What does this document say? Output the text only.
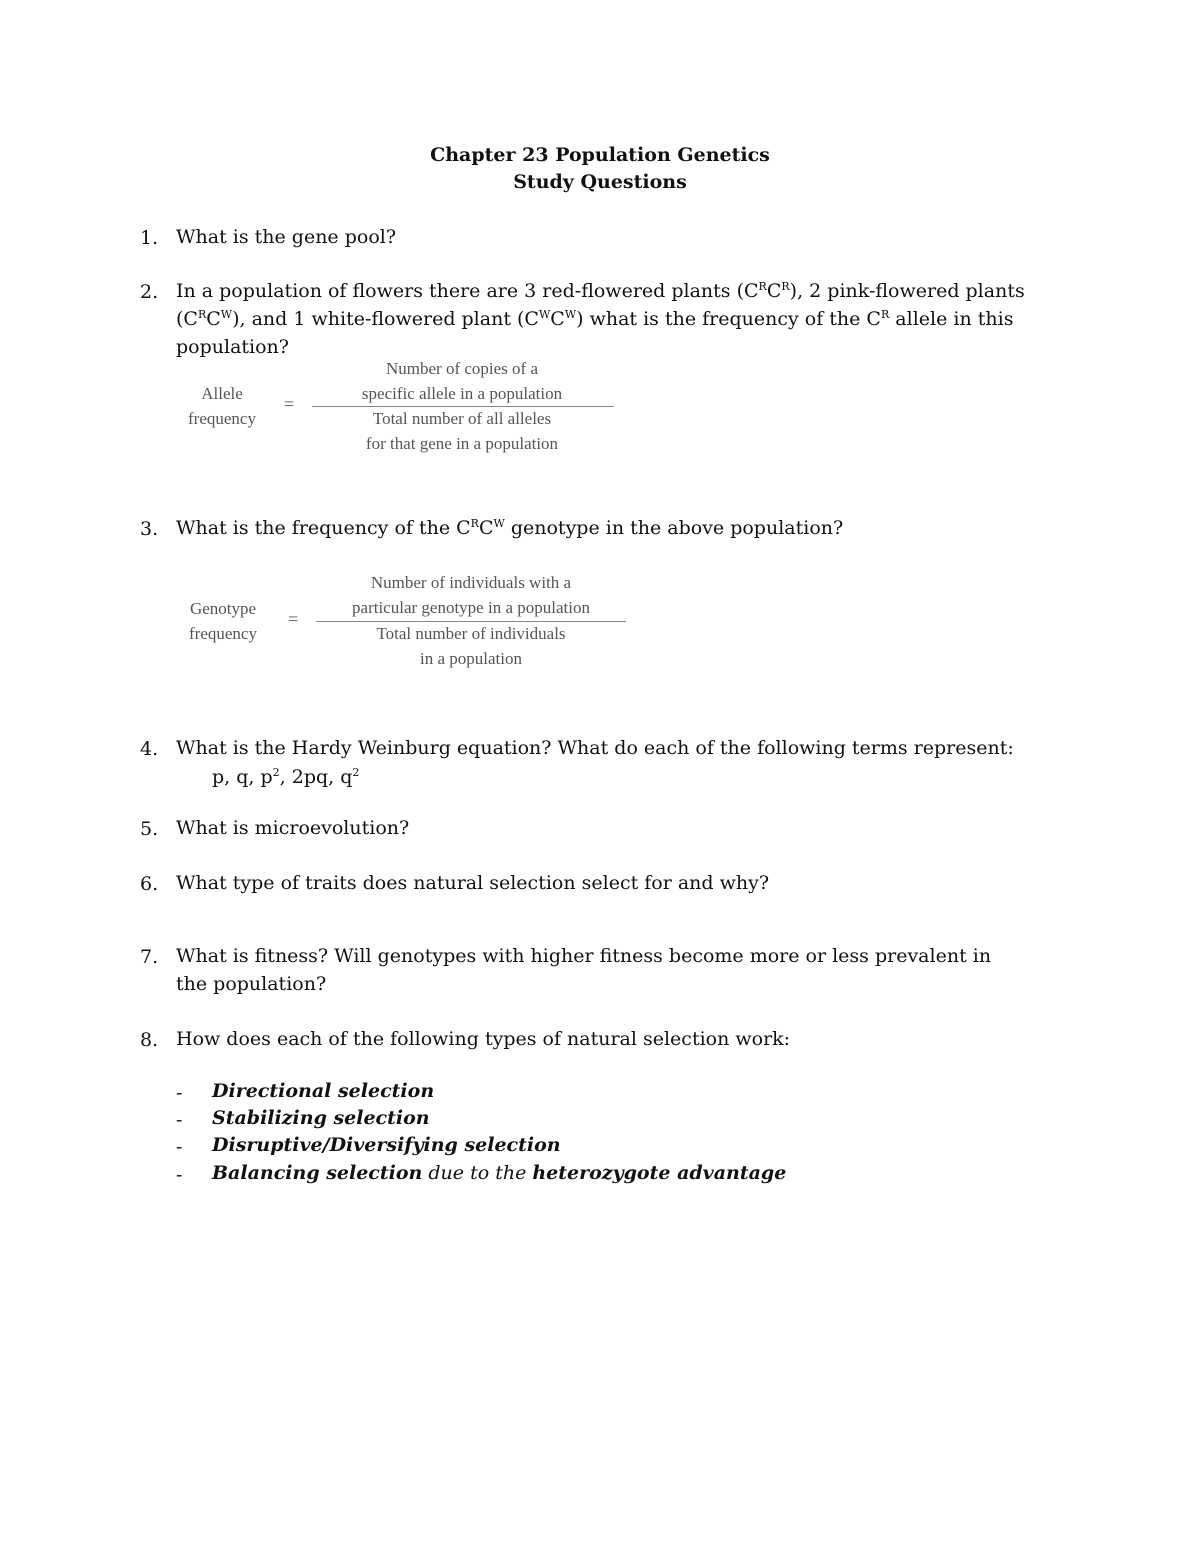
Chapter 23 Population Genetics
Study Questions
1. What is the gene pool?
2. In a population of flowers there are 3 red-flowered plants $(C^RC^R)$, 2 pink-flowered plants $(C^RC^W)$, and 1 white-flowered plant $(C^WC^W)$ what is the frequency of the $C^R$ allele in this population?
Allele
frequency
=
Number of copies of a
specific allele in a population
Total number of all alleles
for that gene in a population
3. What is the frequency of the $C^RC^W$ genotype in the above population?
Genotype
frequency
=
Number of individuals with a
particular genotype in a population
Total number of individuals
in a population
4. What is the Hardy Weinburg equation? What do each of the following terms represent:
p, q, $p^2$, 2pq, $q^2$
5. What is microevolution?
6. What type of traits does natural selection select for and why?
7. What is fitness? Will genotypes with higher fitness become more or less prevalent in the population?
8. How does each of the following types of natural selection work:
- Directional selection
- Stabilizing selection
- Disruptive/Diversifying selection
- Balancing selection due to the heterozygote advantage
